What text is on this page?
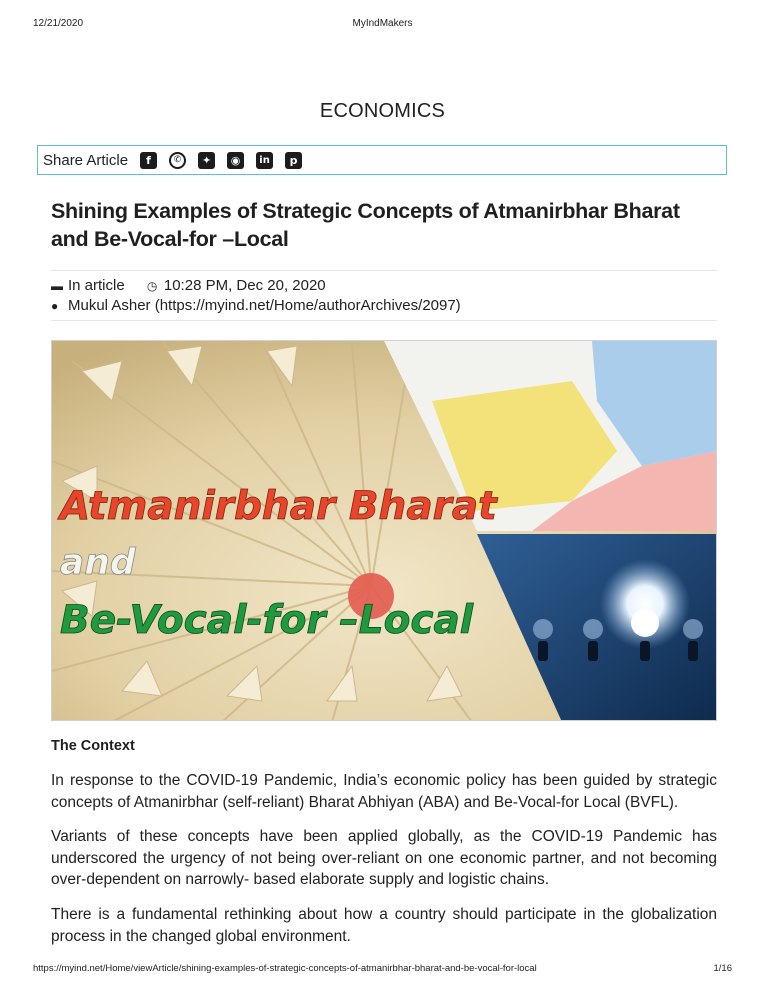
12/21/2020	MyIndMakers
ECONOMICS
Share Article	f	✆	✦	◉	in	p
Shining Examples of Strategic Concepts of Atmanirbhar Bharat and Be-Vocal-for –Local
▬ In article ◷ 10:28 PM, Dec 20, 2020
● Mukul Asher (https://myind.net/Home/authorArchives/2097)
Atmanirbhar Bharat
and
Be-Vocal-for –Local
The Context

In response to the COVID-19 Pandemic, India’s economic policy has been guided by strategic concepts of Atmanirbhar (self-reliant) Bharat Abhiyan (ABA) and Be-Vocal-for Local (BVFL).

Variants of these concepts have been applied globally, as the COVID-19 Pandemic has underscored the urgency of not being over-reliant on one economic partner, and not becoming over-dependent on narrowly- based elaborate supply and logistic chains.

There is a fundamental rethinking about how a country should participate in the globalization process in the changed global environment.

https://myind.net/Home/viewArticle/shining-examples-of-strategic-concepts-of-atmanirbhar-bharat-and-be-vocal-for-local	1/16
